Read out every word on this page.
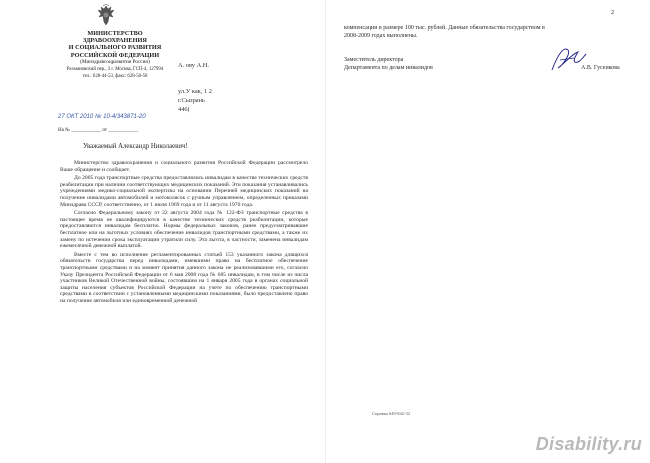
МИНИСТЕРСТВО
ЗДРАВООХРАНЕНИЯ
И СОЦИАЛЬНОГО РАЗВИТИЯ
РОССИЙСКОЙ ФЕДЕРАЦИИ
(Минздравсоцразвития России)
Рахмановский пер., 3 г. Москва, ГСП-4, 127994
тел.: 628-44-53, факс: 628-50-58
27 ОКТ 2010 № 10-4/343871-20
На № ____________ от ____________
А. ову А.Н.
ул.У как, 1 2
г.Сызрань
446(
Уважаемый Александр Николаевич!

Министерство здравоохранения и социального развития Российской Федерации рассмотрело Ваше обращение и сообщает.

До 2005 года транспортные средства предоставлялись инвалидам в качестве технических средств реабилитации при наличии соответствующих медицинских показаний. Эти показания устанавливались учреждениями медико-социальной экспертизы на основании Перечней медицинских показаний на получение инвалидами автомобилей и мотоколясок с ручным управлением, определенных приказами Минздрава СССР, соответственно, от 1 июля 1969 года и от 11 августа 1970 года.

Согласно Федеральному закону от 22 августа 2004 года № 122-ФЗ транспортные средства в настоящее время не квалифицируются в качестве технических средств реабилитации, которые предоставляются инвалидам бесплатно. Нормы федеральных законов, ранее предусматривавшие бесплатное или на льготных условиях обеспечение инвалидов транспортными средствами, а также их замену по истечении срока эксплуатации утратили силу. Эта льгота, в частности, заменена инвалидам ежемесячной денежной выплатой.

Вместе с тем во исполнение регламентированных статьей 153 указанного закона длящихся обязательств государства перед инвалидами, имевшими право на бесплатное обеспечение транспортными средствами и на момент принятия данного закона не реализовавшими его, согласно Указу Президента Российской Федерации от 6 мая 2008 года № 685 инвалидам, в том числе из числа участников Великой Отечественной войны, состоявшим на 1 января 2005 года в органах социальной защиты населения субъектов Российской Федерации на учете по обеспечению транспортными средствами в соответствии с установленными медицинскими показаниями, было предоставлено право на получение автомобиля или единовременной денежной

2
компенсации в размере 100 тыс. рублей. Данные обязательства государством в
2008-2009 годах выполнены.
Заместитель директора
Департамента по делам инвалидов	А.В. Гусенкова
Справка 649-842-32
Disability.ru
